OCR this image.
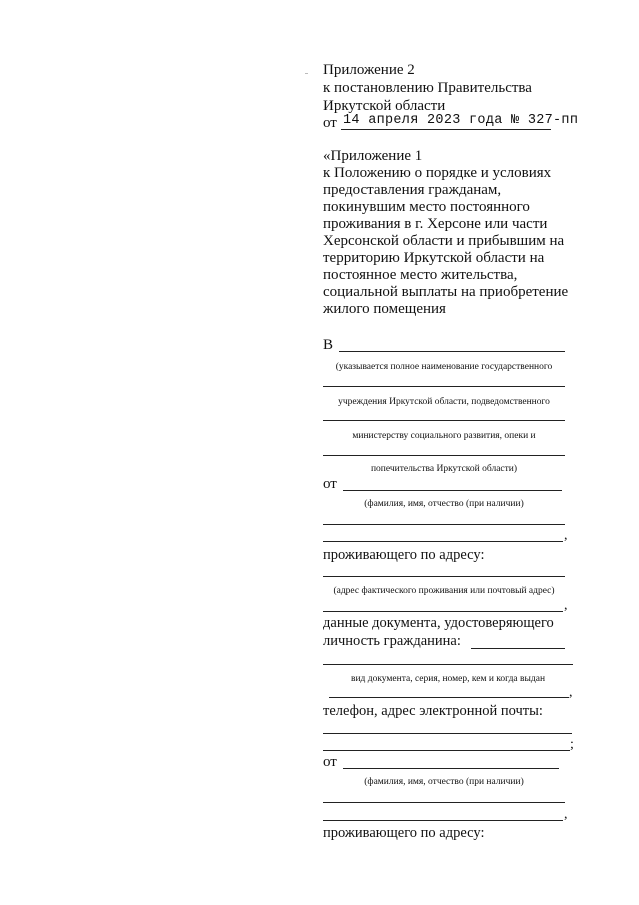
Приложение 2
к постановлению Правительства
Иркутской области
от 14 апреля 2023 года № 327-пп
«Приложение 1
к Положению о порядке и условиях
предоставления гражданам,
покинувшим место постоянного
проживания в г. Херсоне или части
Херсонской области и прибывшим на
территорию Иркутской области на
постоянное место жительства,
социальной выплаты на приобретение
жилого помещения
В
(указывается полное наименование государственного
учреждения Иркутской области, подведомственного
министерству социального развития, опеки и
попечительства Иркутской области)
от
(фамилия, имя, отчество (при наличии)
,
проживающего по адресу:
(адрес фактического проживания или почтовый адрес)
,
данные документа, удостоверяющего
личность гражданина:
вид документа, серия, номер, кем и когда выдан
,
телефон, адрес электронной почты:
;
от
(фамилия, имя, отчество (при наличии)
,
проживающего по адресу:
